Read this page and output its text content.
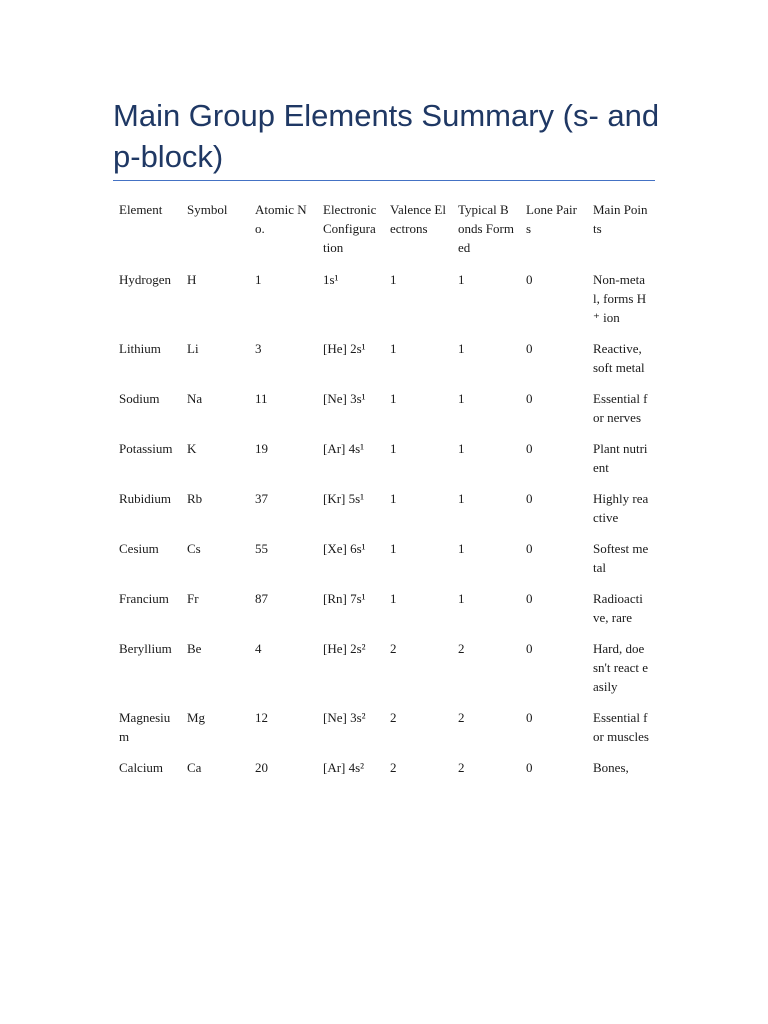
Main Group Elements Summary (s- and p-block)
Element	Symbol	Atomic No.	Electronic Configuration	Valence Electrons	Typical Bonds Formed	Lone Pairs	Main Points
Hydrogen	H	1	1s¹	1	1	0	Non-metal, forms H⁺ ion
Lithium	Li	3	[He] 2s¹	1	1	0	Reactive, soft metal
Sodium	Na	11	[Ne] 3s¹	1	1	0	Essential for nerves
Potassium	K	19	[Ar] 4s¹	1	1	0	Plant nutrient
Rubidium	Rb	37	[Kr] 5s¹	1	1	0	Highly reactive
Cesium	Cs	55	[Xe] 6s¹	1	1	0	Softest metal
Francium	Fr	87	[Rn] 7s¹	1	1	0	Radioactive, rare
Beryllium	Be	4	[He] 2s²	2	2	0	Hard, doesn't react easily
Magnesium	Mg	12	[Ne] 3s²	2	2	0	Essential for muscles
Calcium	Ca	20	[Ar] 4s²	2	2	0	Bones,
